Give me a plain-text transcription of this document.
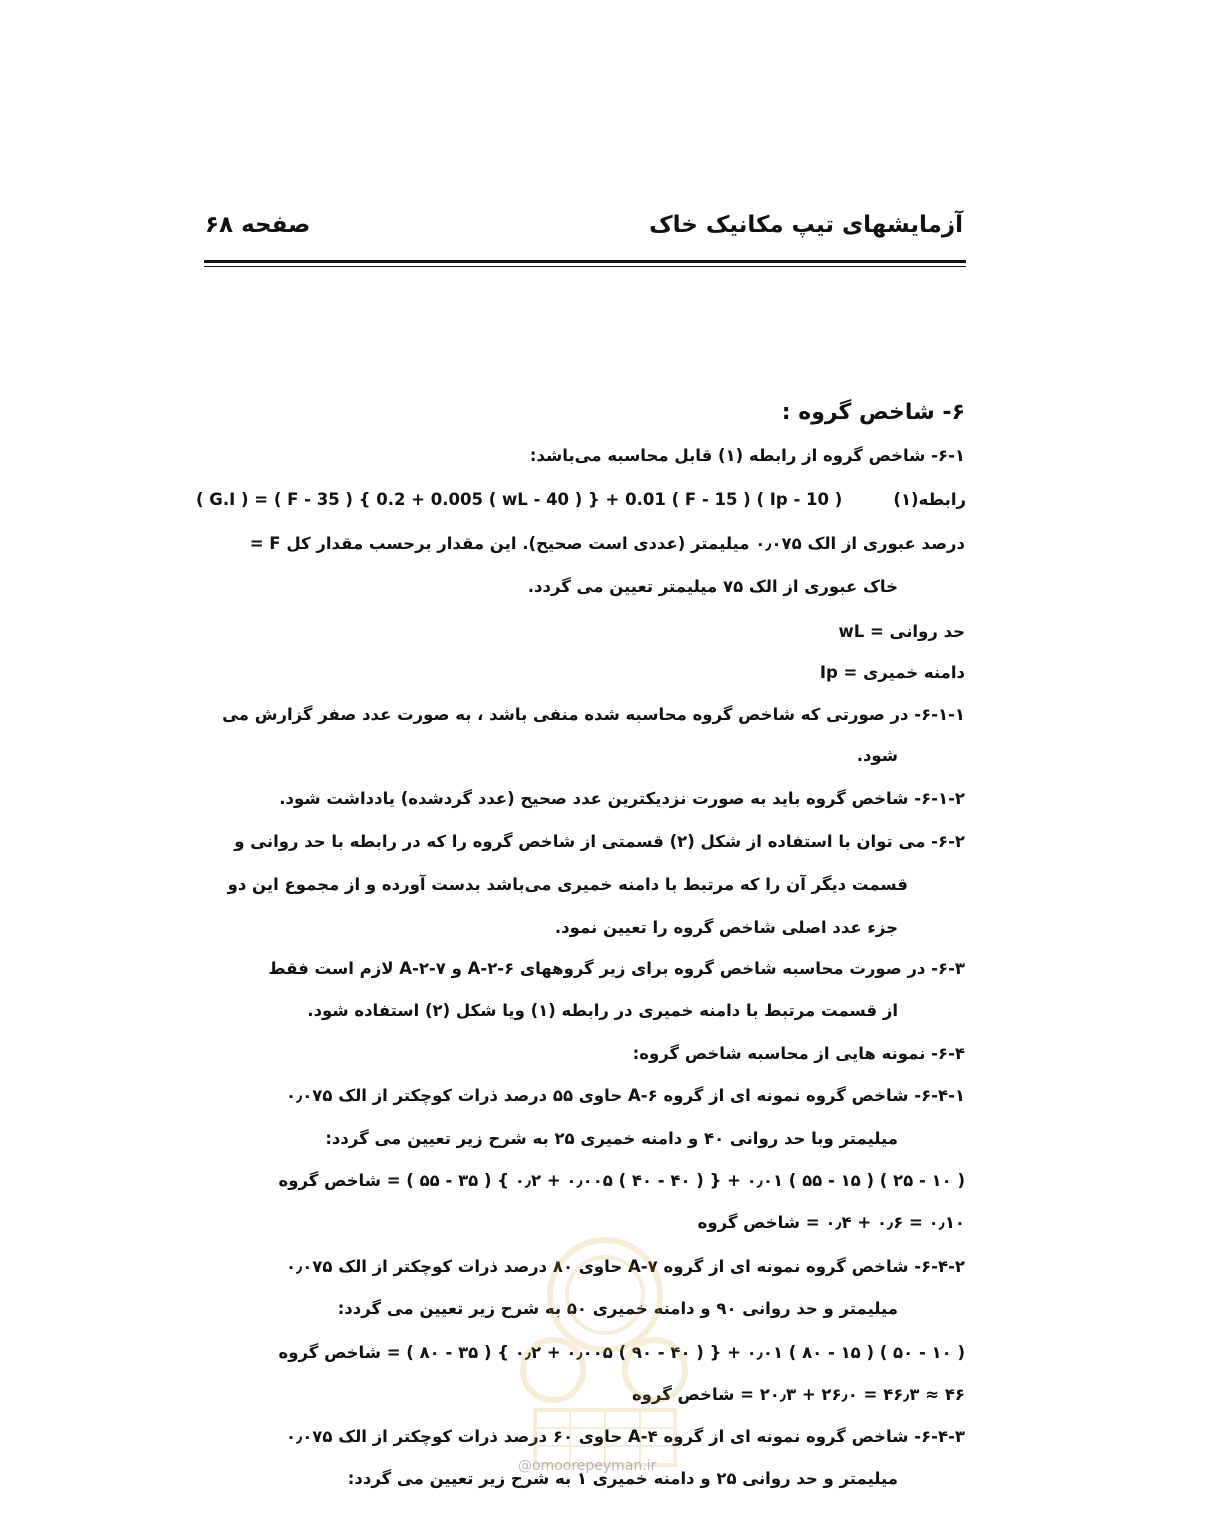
آزمایشهای تیپ مکانیک خاک
صفحه ۶۸
۶- شاخص گروه :
۶-۱- شاخص گروه از رابطه (۱) قابل محاسبه می‌باشد:
( G.I ) = ( F - 35 ) { 0.2 + 0.005 ( wL - 40 ) } + 0.01 ( F - 15 ) ( Ip - 10 )	رابطه(۱)
= F درصد عبوری از الک ۰٫۰۷۵ میلیمتر (عددی است صحیح). این مقدار برحسب مقدار کل
خاک عبوری از الک ۷۵ میلیمتر تعیین می گردد.
حد روانی = wL
دامنه خمیری = Ip
۶-۱-۱- در صورتی که شاخص گروه محاسبه شده منفی باشد ، به صورت عدد صفر گزارش می
شود.
۶-۱-۲- شاخص گروه باید به صورت نزدیکترین عدد صحیح (عدد گردشده) یادداشت شود.
۶-۲- می توان با استفاده از شکل (۲) قسمتی از شاخص گروه را که در رابطه با حد روانی و
قسمت دیگر آن را که مرتبط با دامنه خمیری می‌باشد بدست آورده و از مجموع این دو
جزء عدد اصلی شاخص گروه را تعیین نمود.
۶-۳- در صورت محاسبه شاخص گروه برای زیر گروههای A-۲-۶ و A-۲-۷ لازم است فقط
از قسمت مرتبط با دامنه خمیری در رابطه (۱) ویا شکل (۲) استفاده شود.
۶-۴- نمونه هایی از محاسبه شاخص گروه:
۶-۴-۱- شاخص گروه نمونه ای از گروه A-۶ حاوی ۵۵ درصد ذرات کوچکتر از الک ۰٫۰۷۵
میلیمتر وبا حد روانی ۴۰ و دامنه خمیری ۲۵ به شرح زیر تعیین می گردد:
( ۱۰ - ۲۵ ) ( ۱۵ - ۵۵ ) ۰٫۰۱ + { ( ۴۰ - ۴۰ ) ۰٫۰۰۵ + ۰٫۲ } ( ۳۵ - ۵۵ ) = شاخص گروه
۰٫۱۰ = ۰٫۶ + ۰٫۴ = شاخص گروه
۶-۴-۲- شاخص گروه نمونه ای از گروه A-۷ حاوی ۸۰ درصد ذرات کوچکتر از الک ۰٫۰۷۵
میلیمتر و حد روانی ۹۰ و دامنه خمیری ۵۰ به شرح زیر تعیین می گردد:
( ۱۰ - ۵۰ ) ( ۱۵ - ۸۰ ) ۰٫۰۱ + { ( ۴۰ - ۹۰ ) ۰٫۰۰۵ + ۰٫۲ } ( ۳۵ - ۸۰ ) = شاخص گروه
۴۶ ≈ ۴۶٫۳ = ۲۶٫۰ + ۲۰٫۳ = شاخص گروه
۶-۴-۳- شاخص گروه نمونه ای از گروه A-۴ حاوی ۶۰ درصد ذرات کوچکتر از الک ۰٫۰۷۵
میلیمتر و حد روانی ۲۵ و دامنه خمیری ۱ به شرح زیر تعیین می گردد:
@omoorepeyman.ir
